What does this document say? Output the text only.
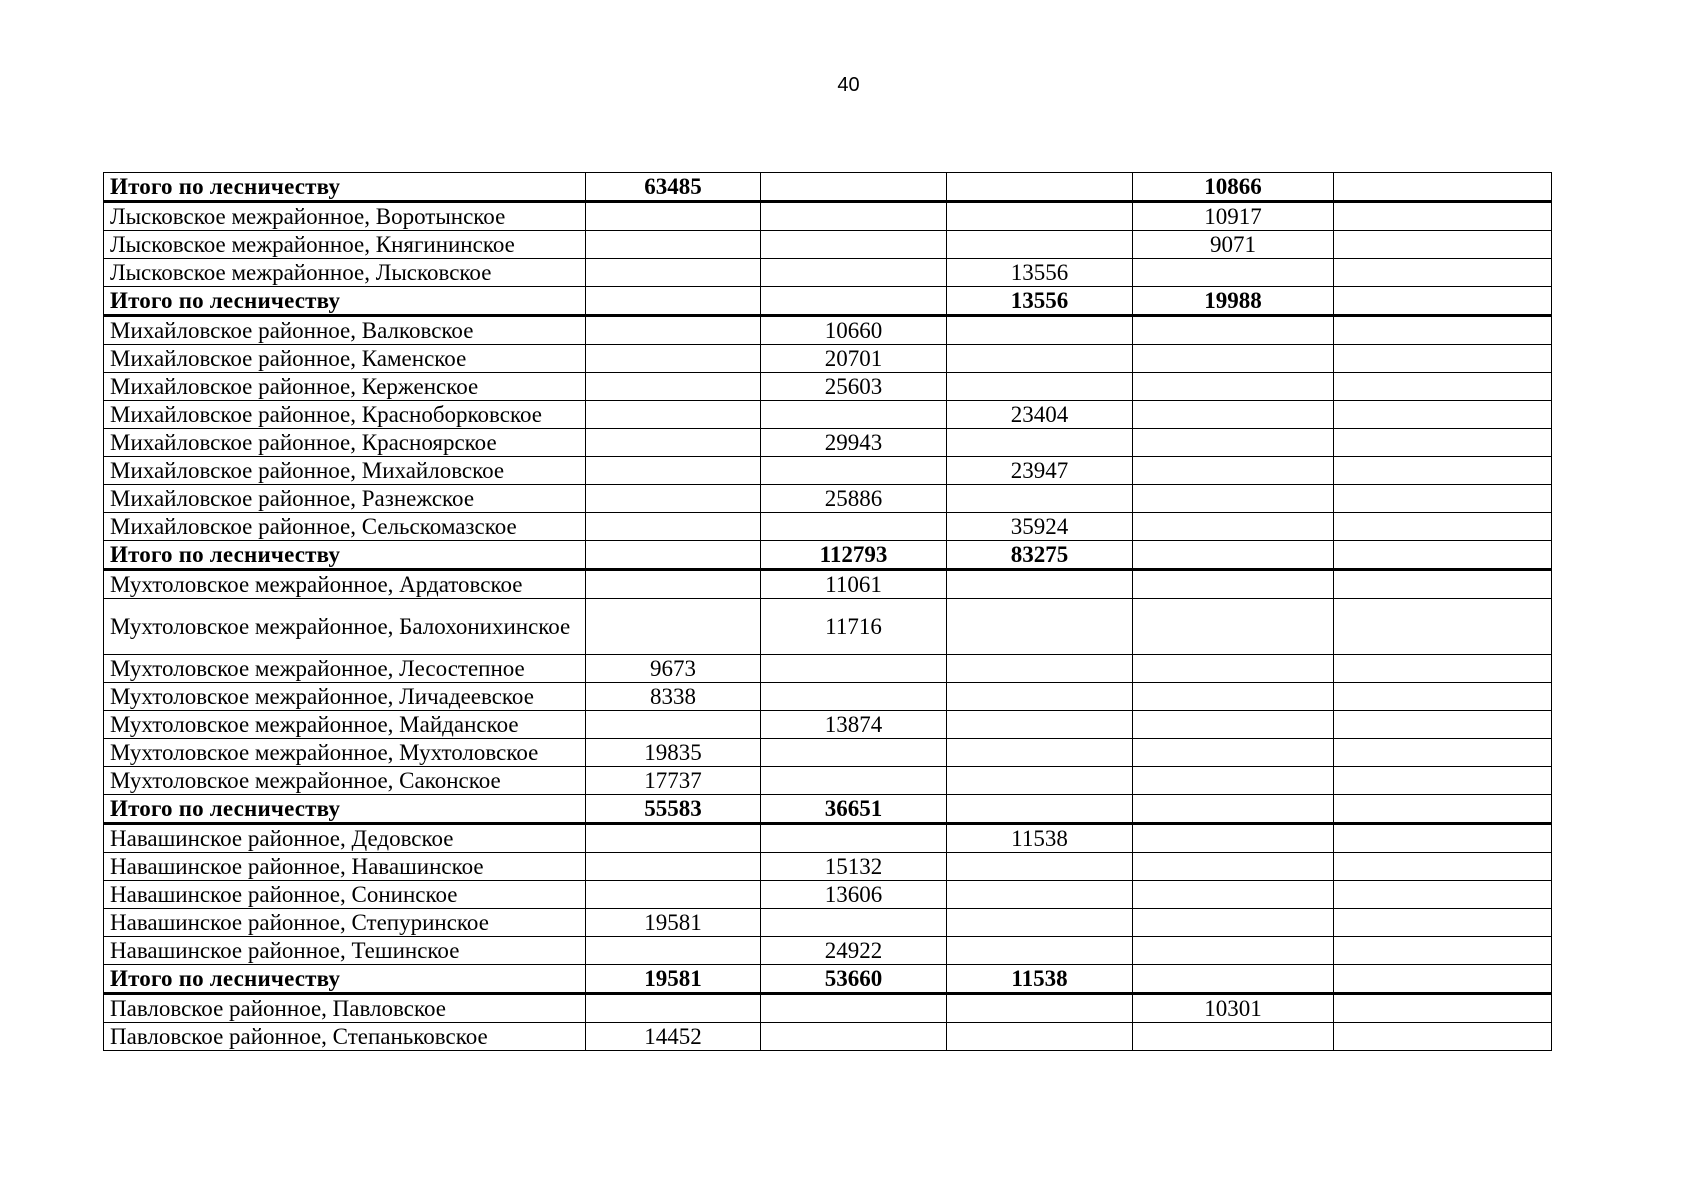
40
Итого по лесничеству	63485			10866	
Лысковское межрайонное, Воротынское				10917	
Лысковское межрайонное, Княгининское				9071	
Лысковское межрайонное, Лысковское			13556		
Итого по лесничеству			13556	19988	
Михайловское районное, Валковское		10660			
Михайловское районное, Каменское		20701			
Михайловское районное, Керженское		25603			
Михайловское районное, Красноборковское			23404		
Михайловское районное, Красноярское		29943			
Михайловское районное, Михайловское			23947		
Михайловское районное, Разнежское		25886			
Михайловское районное, Сельскомазское			35924		
Итого по лесничеству		112793	83275		
Мухтоловское межрайонное, Ардатовское		11061			
Мухтоловское межрайонное, Балохонихинское		11716			
Мухтоловское межрайонное, Лесостепное	9673				
Мухтоловское межрайонное, Личадеевское	8338				
Мухтоловское межрайонное, Майданское		13874			
Мухтоловское межрайонное, Мухтоловское	19835				
Мухтоловское межрайонное, Саконское	17737				
Итого по лесничеству	55583	36651			
Навашинское районное, Дедовское			11538		
Навашинское районное, Навашинское		15132			
Навашинское районное, Сонинское		13606			
Навашинское районное, Степуринское	19581				
Навашинское районное, Тешинское		24922			
Итого по лесничеству	19581	53660	11538		
Павловское районное, Павловское				10301	
Павловское районное, Степаньковское	14452				
